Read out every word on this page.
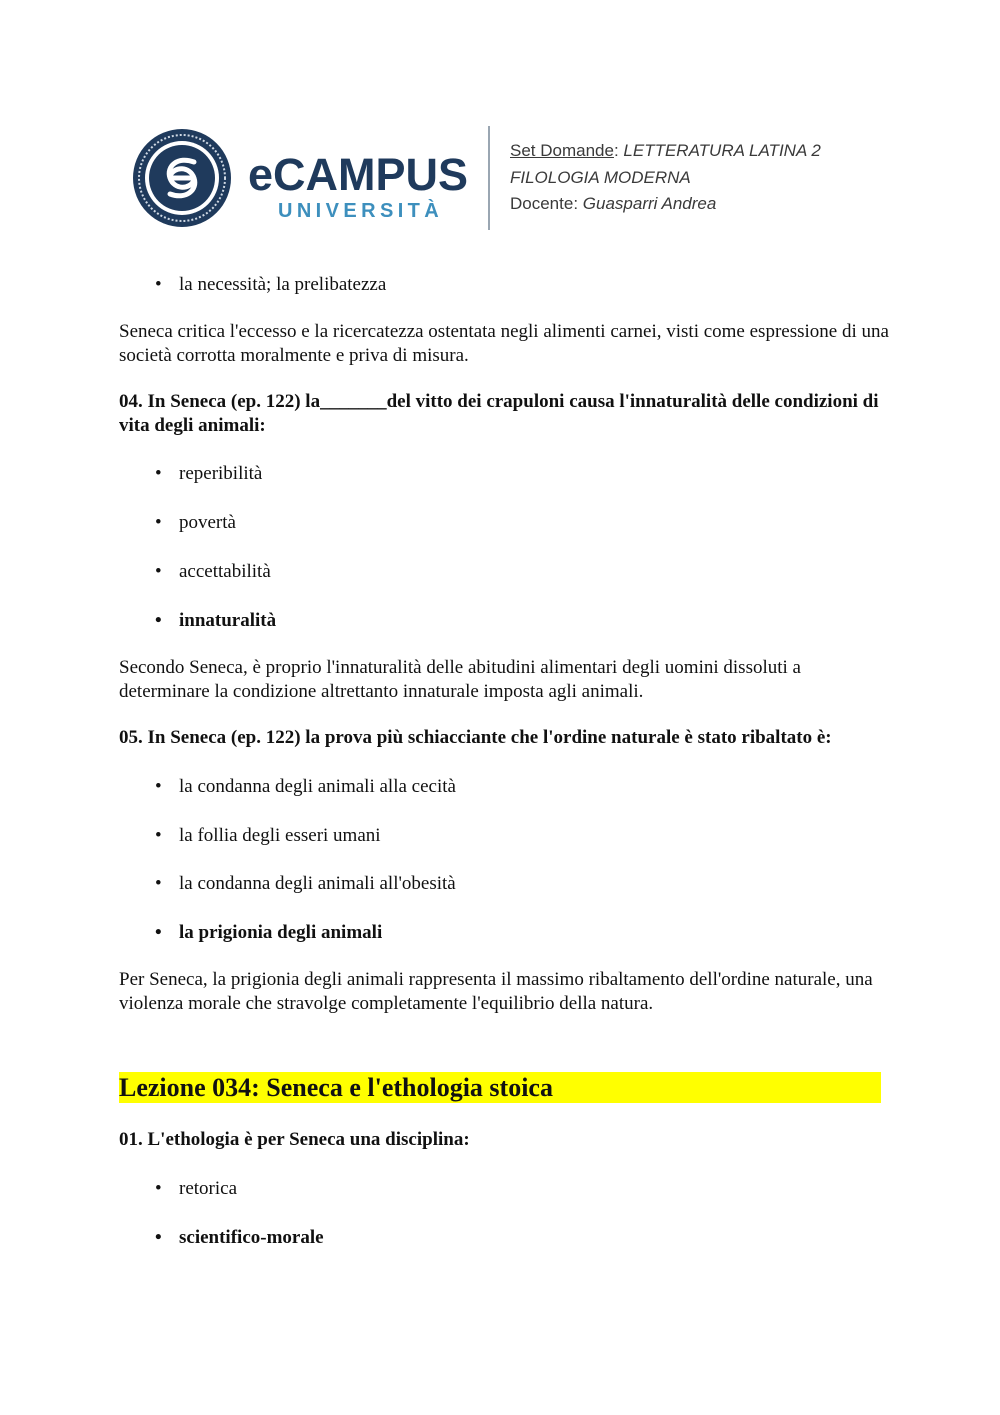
eCAMPUS
UNIVERSITÀ
Set Domande: LETTERATURA LATINA 2
FILOLOGIA MODERNA
Docente: Guasparri Andrea
• la necessità; la prelibatezza
Seneca critica l'eccesso e la ricercatezza ostentata negli alimenti carnei, visti come espressione di una società corrotta moralmente e priva di misura.
04. In Seneca (ep. 122) la_______del vitto dei crapuloni causa l'innaturalità delle condizioni di vita degli animali:
• reperibilità
• povertà
• accettabilità
• innaturalità
Secondo Seneca, è proprio l'innaturalità delle abitudini alimentari degli uomini dissoluti a determinare la condizione altrettanto innaturale imposta agli animali.
05. In Seneca (ep. 122) la prova più schiacciante che l'ordine naturale è stato ribaltato è:
• la condanna degli animali alla cecità
• la follia degli esseri umani
• la condanna degli animali all'obesità
• la prigionia degli animali
Per Seneca, la prigionia degli animali rappresenta il massimo ribaltamento dell'ordine naturale, una violenza morale che stravolge completamente l'equilibrio della natura.
Lezione 034: Seneca e l'ethologia stoica
01. L'ethologia è per Seneca una disciplina:
• retorica
• scientifico-morale
